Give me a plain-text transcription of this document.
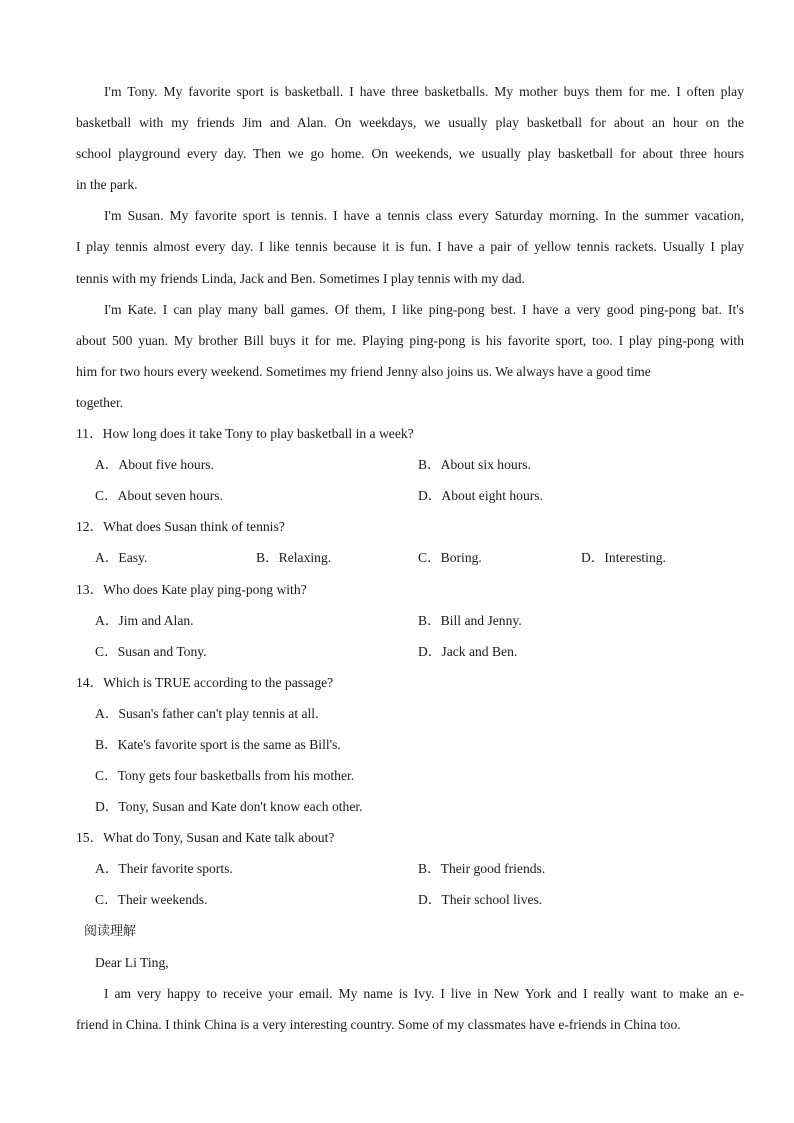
I'm Tony. My favorite sport is basketball. I have three basketballs. My mother buys them for me. I often play
basketball with my friends Jim and Alan. On weekdays, we usually play basketball for about an hour on the
school playground every day. Then we go home. On weekends, we usually play basketball for about three hours
in the park.
I'm Susan. My favorite sport is tennis. I have a tennis class every Saturday morning. In the summer vacation,
I play tennis almost every day. I like tennis because it is fun. I have a pair of yellow tennis rackets. Usually I play
tennis with my friends Linda, Jack and Ben. Sometimes I play tennis with my dad.
I'm Kate. I can play many ball games. Of them, I like ping-pong best. I have a very good ping-pong bat. It's
about 500 yuan. My brother Bill buys it for me. Playing ping-pong is his favorite sport, too. I play ping-pong with
him for two hours every weekend. Sometimes my friend Jenny also joins us. We always have a good time
together.
11．How long does it take Tony to play basketball in a week?
A．About five hours.	B．About six hours.
C．About seven hours.	D．About eight hours.
12．What does Susan think of tennis?
A．Easy.	B．Relaxing.	C．Boring.	D．Interesting.
13．Who does Kate play ping-pong with?
A．Jim and Alan.	B．Bill and Jenny.
C．Susan and Tony.	D．Jack and Ben.
14．Which is TRUE according to the passage?
A．Susan's father can't play tennis at all.
B．Kate's favorite sport is the same as Bill's.
C．Tony gets four basketballs from his mother.
D．Tony, Susan and Kate don't know each other.
15．What do Tony, Susan and Kate talk about?
A．Their favorite sports.	B．Their good friends.
C．Their weekends.	D．Their school lives.
阅读理解
Dear Li Ting,
I am very happy to receive your email. My name is Ivy. I live in New York and I really want to make an e-
friend in China. I think China is a very interesting country. Some of my classmates have e-friends in China too.
